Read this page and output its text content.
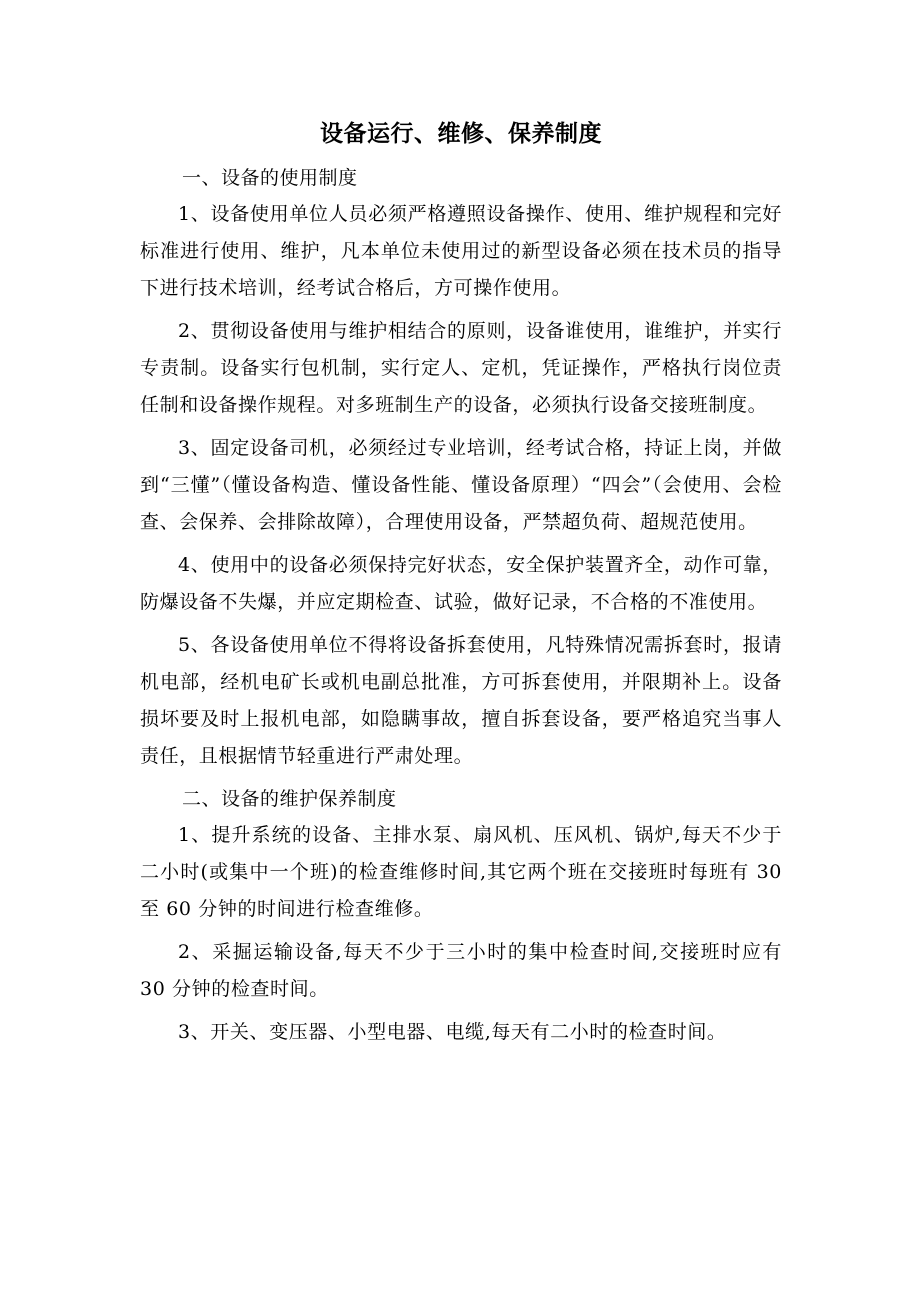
设备运行、维修、保养制度

一、设备的使用制度

1、设备使用单位人员必须严格遵照设备操作、使用、维护规程和完好标准进行使用、维护，凡本单位未使用过的新型设备必须在技术员的指导下进行技术培训，经考试合格后，方可操作使用。

2、贯彻设备使用与维护相结合的原则，设备谁使用，谁维护，并实行专责制。设备实行包机制，实行定人、定机，凭证操作，严格执行岗位责任制和设备操作规程。对多班制生产的设备，必须执行设备交接班制度。

3、固定设备司机，必须经过专业培训，经考试合格，持证上岗，并做到“三懂”（懂设备构造、懂设备性能、懂设备原理）“四会”（会使用、会检查、会保养、会排除故障），合理使用设备，严禁超负荷、超规范使用。

4、使用中的设备必须保持完好状态，安全保护装置齐全，动作可靠，防爆设备不失爆，并应定期检查、试验，做好记录，不合格的不准使用。

5、各设备使用单位不得将设备拆套使用，凡特殊情况需拆套时，报请机电部，经机电矿长或机电副总批准，方可拆套使用，并限期补上。设备损坏要及时上报机电部，如隐瞒事故，擅自拆套设备，要严格追究当事人责任，且根据情节轻重进行严肃处理。

二、设备的维护保养制度

1、提升系统的设备、主排水泵、扇风机、压风机、锅炉,每天不少于二小时(或集中一个班)的检查维修时间,其它两个班在交接班时每班有 30 至 60 分钟的时间进行检查维修。

2、采掘运输设备,每天不少于三小时的集中检查时间,交接班时应有 30 分钟的检查时间。

3、开关、变压器、小型电器、电缆,每天有二小时的检查时间。
